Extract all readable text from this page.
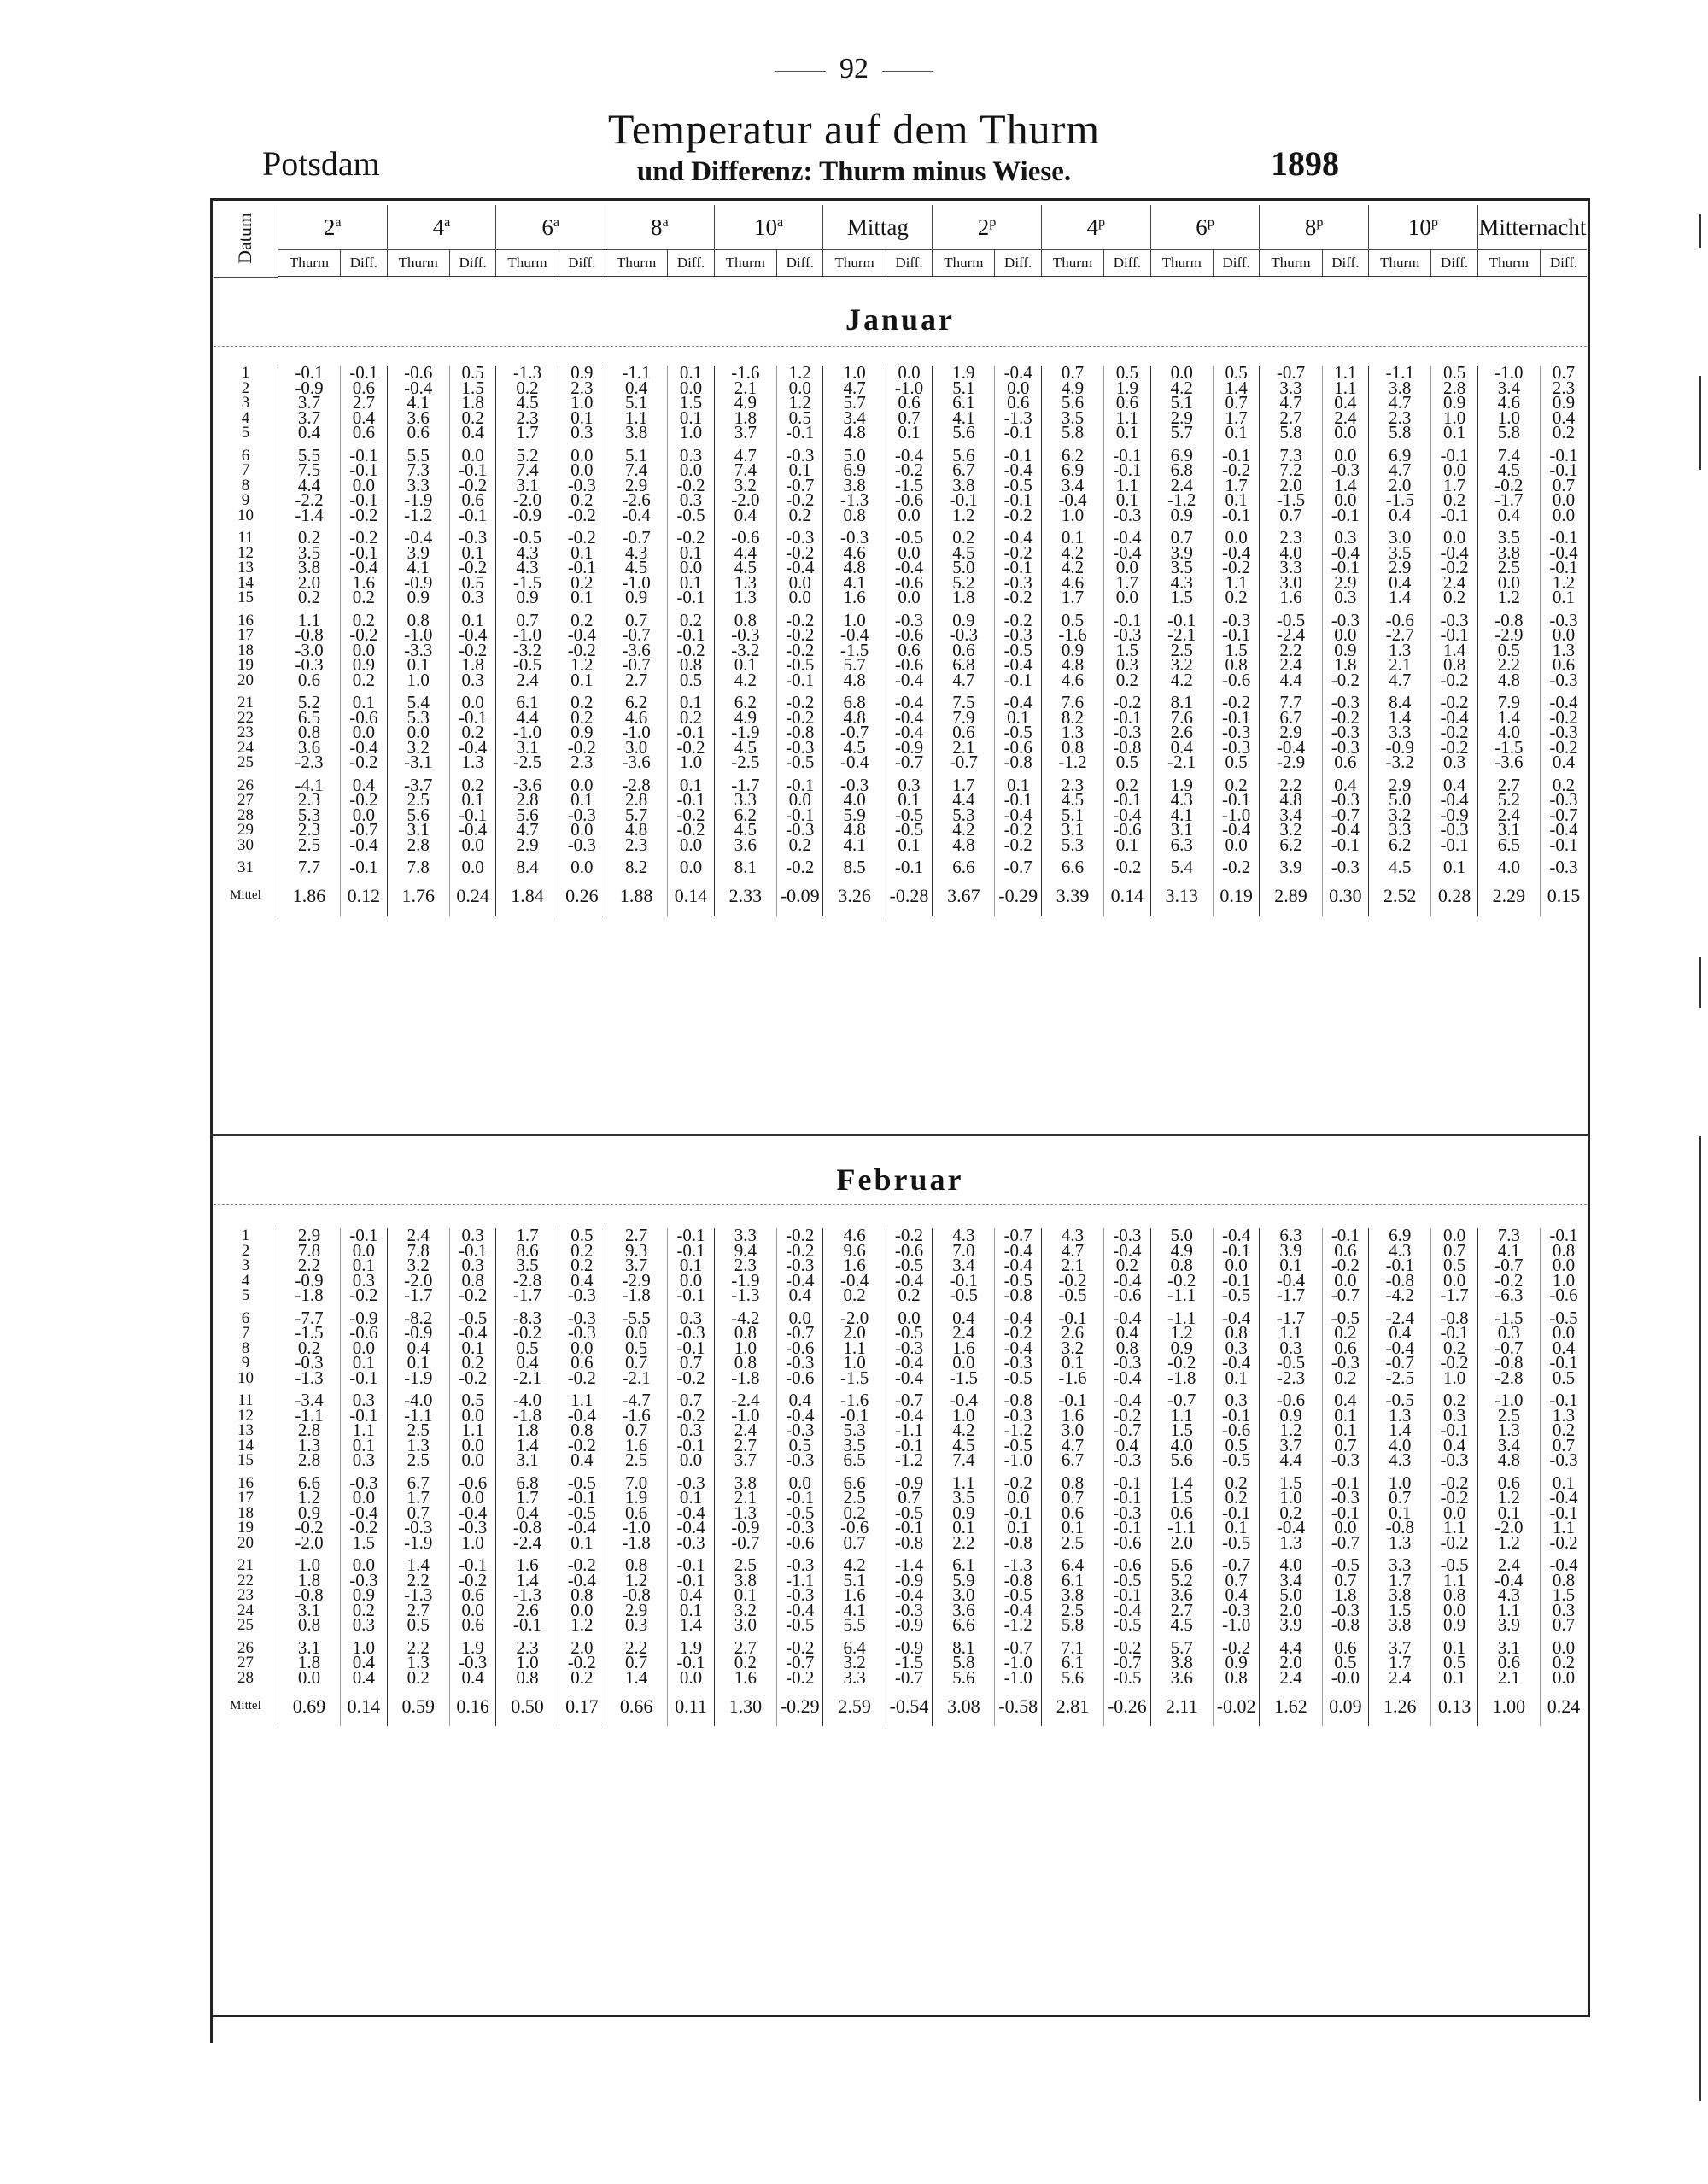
92
Temperatur auf dem Thurm
und Differenz: Thurm minus Wiese.
Potsdam	1898
Datum	2$^a$		4$^a$		6$^a$		8$^a$		10$^a$		Mittag		2$^p$		4$^p$		6$^p$		8$^p$		10$^p$		Mitternacht	
	Thurm	Diff.	Thurm	Diff.	Thurm	Diff.	Thurm	Diff.	Thurm	Diff.	Thurm	Diff.	Thurm	Diff.	Thurm	Diff.	Thurm	Diff.	Thurm	Diff.	Thurm	Diff.	Thurm	Diff.
Januar
1	-0.1	-0.1	-0.6	0.5	-1.3	0.9	-1.1	0.1	-1.6	1.2	1.0	0.0	1.9	-0.4	0.7	0.5	0.0	0.5	-0.7	1.1	-1.1	0.5	-1.0	0.7
2	-0.9	0.6	-0.4	1.5	0.2	2.3	0.4	0.0	2.1	0.0	4.7	-1.0	5.1	0.0	4.9	1.9	4.2	1.4	3.3	1.1	3.8	2.8	3.4	2.3
3	3.7	2.7	4.1	1.8	4.5	1.0	5.1	1.5	4.9	1.2	5.7	0.6	6.1	0.6	5.6	0.6	5.1	0.7	4.7	0.4	4.7	0.9	4.6	0.9
4	3.7	0.4	3.6	0.2	2.3	0.1	1.1	0.1	1.8	0.5	3.4	0.7	4.1	-1.3	3.5	1.1	2.9	1.7	2.7	2.4	2.3	1.0	1.0	0.4
5	0.4	0.6	0.6	0.4	1.7	0.3	3.8	1.0	3.7	-0.1	4.8	0.1	5.6	-0.1	5.8	0.1	5.7	0.1	5.8	0.0	5.8	0.1	5.8	0.2

6	5.5	-0.1	5.5	0.0	5.2	0.0	5.1	0.3	4.7	-0.3	5.0	-0.4	5.6	-0.1	6.2	-0.1	6.9	-0.1	7.3	0.0	6.9	-0.1	7.4	-0.1
7	7.5	-0.1	7.3	-0.1	7.4	0.0	7.4	0.0	7.4	0.1	6.9	-0.2	6.7	-0.4	6.9	-0.1	6.8	-0.2	7.2	-0.3	4.7	0.0	4.5	-0.1
8	4.4	0.0	3.3	-0.2	3.1	-0.3	2.9	-0.2	3.2	-0.7	3.8	-1.5	3.8	-0.5	3.4	1.1	2.4	1.7	2.0	1.4	2.0	1.7	-0.2	0.7
9	-2.2	-0.1	-1.9	0.6	-2.0	0.2	-2.6	0.3	-2.0	-0.2	-1.3	-0.6	-0.1	-0.1	-0.4	0.1	-1.2	0.1	-1.5	0.0	-1.5	0.2	-1.7	0.0
10	-1.4	-0.2	-1.2	-0.1	-0.9	-0.2	-0.4	-0.5	0.4	0.2	0.8	0.0	1.2	-0.2	1.0	-0.3	0.9	-0.1	0.7	-0.1	0.4	-0.1	0.4	0.0

11	0.2	-0.2	-0.4	-0.3	-0.5	-0.2	-0.7	-0.2	-0.6	-0.3	-0.3	-0.5	0.2	-0.4	0.1	-0.4	0.7	0.0	2.3	0.3	3.0	0.0	3.5	-0.1
12	3.5	-0.1	3.9	0.1	4.3	0.1	4.3	0.1	4.4	-0.2	4.6	0.0	4.5	-0.2	4.2	-0.4	3.9	-0.4	4.0	-0.4	3.5	-0.4	3.8	-0.4
13	3.8	-0.4	4.1	-0.2	4.3	-0.1	4.5	0.0	4.5	-0.4	4.8	-0.4	5.0	-0.1	4.2	0.0	3.5	-0.2	3.3	-0.1	2.9	-0.2	2.5	-0.1
14	2.0	1.6	-0.9	0.5	-1.5	0.2	-1.0	0.1	1.3	0.0	4.1	-0.6	5.2	-0.3	4.6	1.7	4.3	1.1	3.0	2.9	0.4	2.4	0.0	1.2
15	0.2	0.2	0.9	0.3	0.9	0.1	0.9	-0.1	1.3	0.0	1.6	0.0	1.8	-0.2	1.7	0.0	1.5	0.2	1.6	0.3	1.4	0.2	1.2	0.1

16	1.1	0.2	0.8	0.1	0.7	0.2	0.7	0.2	0.8	-0.2	1.0	-0.3	0.9	-0.2	0.5	-0.1	-0.1	-0.3	-0.5	-0.3	-0.6	-0.3	-0.8	-0.3
17	-0.8	-0.2	-1.0	-0.4	-1.0	-0.4	-0.7	-0.1	-0.3	-0.2	-0.4	-0.6	-0.3	-0.3	-1.6	-0.3	-2.1	-0.1	-2.4	0.0	-2.7	-0.1	-2.9	0.0
18	-3.0	0.0	-3.3	-0.2	-3.2	-0.2	-3.6	-0.2	-3.2	-0.2	-1.5	0.6	0.6	-0.5	0.9	1.5	2.5	1.5	2.2	0.9	1.3	1.4	0.5	1.3
19	-0.3	0.9	0.1	1.8	-0.5	1.2	-0.7	0.8	0.1	-0.5	5.7	-0.6	6.8	-0.4	4.8	0.3	3.2	0.8	2.4	1.8	2.1	0.8	2.2	0.6
20	0.6	0.2	1.0	0.3	2.4	0.1	2.7	0.5	4.2	-0.1	4.8	-0.4	4.7	-0.1	4.6	0.2	4.2	-0.6	4.4	-0.2	4.7	-0.2	4.8	-0.3

21	5.2	0.1	5.4	0.0	6.1	0.2	6.2	0.1	6.2	-0.2	6.8	-0.4	7.5	-0.4	7.6	-0.2	8.1	-0.2	7.7	-0.3	8.4	-0.2	7.9	-0.4
22	6.5	-0.6	5.3	-0.1	4.4	0.2	4.6	0.2	4.9	-0.2	4.8	-0.4	7.9	0.1	8.2	-0.1	7.6	-0.1	6.7	-0.2	1.4	-0.4	1.4	-0.2
23	0.8	0.0	0.0	0.2	-1.0	0.9	-1.0	-0.1	-1.9	-0.8	-0.7	-0.4	0.6	-0.5	1.3	-0.3	2.6	-0.3	2.9	-0.3	3.3	-0.2	4.0	-0.3
24	3.6	-0.4	3.2	-0.4	3.1	-0.2	3.0	-0.2	4.5	-0.3	4.5	-0.9	2.1	-0.6	0.8	-0.8	0.4	-0.3	-0.4	-0.3	-0.9	-0.2	-1.5	-0.2
25	-2.3	-0.2	-3.1	1.3	-2.5	2.3	-3.6	1.0	-2.5	-0.5	-0.4	-0.7	-0.7	-0.8	-1.2	0.5	-2.1	0.5	-2.9	0.6	-3.2	0.3	-3.6	0.4

26	-4.1	0.4	-3.7	0.2	-3.6	0.0	-2.8	0.1	-1.7	-0.1	-0.3	0.3	1.7	0.1	2.3	0.2	1.9	0.2	2.2	0.4	2.9	0.4	2.7	0.2
27	2.3	-0.2	2.5	0.1	2.8	0.1	2.8	-0.1	3.3	0.0	4.0	0.1	4.4	-0.1	4.5	-0.1	4.3	-0.1	4.8	-0.3	5.0	-0.4	5.2	-0.3
28	5.3	0.0	5.6	-0.1	5.6	-0.3	5.7	-0.2	6.2	-0.1	5.9	-0.5	5.3	-0.4	5.1	-0.4	4.1	-1.0	3.4	-0.7	3.2	-0.9	2.4	-0.7
29	2.3	-0.7	3.1	-0.4	4.7	0.0	4.8	-0.2	4.5	-0.3	4.8	-0.5	4.2	-0.2	3.1	-0.6	3.1	-0.4	3.2	-0.4	3.3	-0.3	3.1	-0.4
30	2.5	-0.4	2.8	0.0	2.9	-0.3	2.3	0.0	3.6	0.2	4.1	0.1	4.8	-0.2	5.3	0.1	6.3	0.0	6.2	-0.1	6.2	-0.1	6.5	-0.1

31	7.7	-0.1	7.8	0.0	8.4	0.0	8.2	0.0	8.1	-0.2	8.5	-0.1	6.6	-0.7	6.6	-0.2	5.4	-0.2	3.9	-0.3	4.5	0.1	4.0	-0.3
Mittel	1.86	0.12	1.76	0.24	1.84	0.26	1.88	0.14	2.33	-0.09	3.26	-0.28	3.67	-0.29	3.39	0.14	3.13	0.19	2.89	0.30	2.52	0.28	2.29	0.15
Februar
1	2.9	-0.1	2.4	0.3	1.7	0.5	2.7	-0.1	3.3	-0.2	4.6	-0.2	4.3	-0.7	4.3	-0.3	5.0	-0.4	6.3	-0.1	6.9	0.0	7.3	-0.1
2	7.8	0.0	7.8	-0.1	8.6	0.2	9.3	-0.1	9.4	-0.2	9.6	-0.6	7.0	-0.4	4.7	-0.4	4.9	-0.1	3.9	0.6	4.3	0.7	4.1	0.8
3	2.2	0.1	3.2	0.3	3.5	0.2	3.7	0.1	2.3	-0.3	1.6	-0.5	3.4	-0.4	2.1	0.2	0.8	0.0	0.1	-0.2	-0.1	0.5	-0.7	0.0
4	-0.9	0.3	-2.0	0.8	-2.8	0.4	-2.9	0.0	-1.9	-0.4	-0.4	-0.4	-0.1	-0.5	-0.2	-0.4	-0.2	-0.1	-0.4	0.0	-0.8	0.0	-0.2	1.0
5	-1.8	-0.2	-1.7	-0.2	-1.7	-0.3	-1.8	-0.1	-1.3	0.4	0.2	0.2	-0.5	-0.8	-0.5	-0.6	-1.1	-0.5	-1.7	-0.7	-4.2	-1.7	-6.3	-0.6

6	-7.7	-0.9	-8.2	-0.5	-8.3	-0.3	-5.5	0.3	-4.2	0.0	-2.0	0.0	0.4	-0.4	-0.1	-0.4	-1.1	-0.4	-1.7	-0.5	-2.4	-0.8	-1.5	-0.5
7	-1.5	-0.6	-0.9	-0.4	-0.2	-0.3	0.0	-0.3	0.8	-0.7	2.0	-0.5	2.4	-0.2	2.6	0.4	1.2	0.8	1.1	0.2	0.4	-0.1	0.3	0.0
8	0.2	0.0	0.4	0.1	0.5	0.0	0.5	-0.1	1.0	-0.6	1.1	-0.3	1.6	-0.4	3.2	0.8	0.9	0.3	0.3	0.6	-0.4	0.2	-0.7	0.4
9	-0.3	0.1	0.1	0.2	0.4	0.6	0.7	0.7	0.8	-0.3	1.0	-0.4	0.0	-0.3	0.1	-0.3	-0.2	-0.4	-0.5	-0.3	-0.7	-0.2	-0.8	-0.1
10	-1.3	-0.1	-1.9	-0.2	-2.1	-0.2	-2.1	-0.2	-1.8	-0.6	-1.5	-0.4	-1.5	-0.5	-1.6	-0.4	-1.8	0.1	-2.3	0.2	-2.5	1.0	-2.8	0.5

11	-3.4	0.3	-4.0	0.5	-4.0	1.1	-4.7	0.7	-2.4	0.4	-1.6	-0.7	-0.4	-0.8	-0.1	-0.4	-0.7	0.3	-0.6	0.4	-0.5	0.2	-1.0	-0.1
12	-1.1	-0.1	-1.1	0.0	-1.8	-0.4	-1.6	-0.2	-1.0	-0.4	-0.1	-0.4	1.0	-0.3	1.6	-0.2	1.1	-0.1	0.9	0.1	1.3	0.3	2.5	1.3
13	2.8	1.1	2.5	1.1	1.8	0.8	0.7	0.3	2.4	-0.3	5.3	-1.1	4.2	-1.2	3.0	-0.7	1.5	-0.6	1.2	0.1	1.4	-0.1	1.3	0.2
14	1.3	0.1	1.3	0.0	1.4	-0.2	1.6	-0.1	2.7	0.5	3.5	-0.1	4.5	-0.5	4.7	0.4	4.0	0.5	3.7	0.7	4.0	0.4	3.4	0.7
15	2.8	0.3	2.5	0.0	3.1	0.4	2.5	0.0	3.7	-0.3	6.5	-1.2	7.4	-1.0	6.7	-0.3	5.6	-0.5	4.4	-0.3	4.3	-0.3	4.8	-0.3

16	6.6	-0.3	6.7	-0.6	6.8	-0.5	7.0	-0.3	3.8	0.0	6.6	-0.9	1.1	-0.2	0.8	-0.1	1.4	0.2	1.5	-0.1	1.0	-0.2	0.6	0.1
17	1.2	0.0	1.7	0.0	1.7	-0.1	1.9	0.1	2.1	-0.1	2.5	0.7	3.5	0.0	0.7	-0.1	1.5	0.2	1.0	-0.3	0.7	-0.2	1.2	-0.4
18	0.9	-0.4	0.7	-0.4	0.4	-0.5	0.6	-0.4	1.3	-0.5	0.2	-0.5	0.9	-0.1	0.6	-0.3	0.6	-0.1	0.2	-0.1	0.1	0.0	0.1	-0.1
19	-0.2	-0.2	-0.3	-0.3	-0.8	-0.4	-1.0	-0.4	-0.9	-0.3	-0.6	-0.1	0.1	0.1	0.1	-0.1	-1.1	0.1	-0.4	0.0	-0.8	1.1	-2.0	1.1
20	-2.0	1.5	-1.9	1.0	-2.4	0.1	-1.8	-0.3	-0.7	-0.6	0.7	-0.8	2.2	-0.8	2.5	-0.6	2.0	-0.5	1.3	-0.7	1.3	-0.2	1.2	-0.2

21	1.0	0.0	1.4	-0.1	1.6	-0.2	0.8	-0.1	2.5	-0.3	4.2	-1.4	6.1	-1.3	6.4	-0.6	5.6	-0.7	4.0	-0.5	3.3	-0.5	2.4	-0.4
22	1.8	-0.3	2.2	-0.2	1.4	-0.4	1.2	-0.1	3.8	-1.1	5.1	-0.9	5.9	-0.8	6.1	-0.5	5.2	0.7	3.4	0.7	1.7	1.1	-0.4	0.8
23	-0.8	0.9	-1.3	0.6	-1.3	0.8	-0.8	0.4	0.1	-0.3	1.6	-0.4	3.0	-0.5	3.8	-0.1	3.6	0.4	5.0	1.8	3.8	0.8	4.3	1.5
24	3.1	0.2	2.7	0.0	2.6	0.0	2.9	0.1	3.2	-0.4	4.1	-0.3	3.6	-0.4	2.5	-0.4	2.7	-0.3	2.0	-0.3	1.5	0.0	1.1	0.3
25	0.8	0.3	0.5	0.6	-0.1	1.2	0.3	1.4	3.0	-0.5	5.5	-0.9	6.6	-1.2	5.8	-0.5	4.5	-1.0	3.9	-0.8	3.8	0.9	3.9	0.7

26	3.1	1.0	2.2	1.9	2.3	2.0	2.2	1.9	2.7	-0.2	6.4	-0.9	8.1	-0.7	7.1	-0.2	5.7	-0.2	4.4	0.6	3.7	0.1	3.1	0.0
27	1.8	0.4	1.3	-0.3	1.0	-0.2	0.7	-0.1	0.2	-0.7	3.2	-1.5	5.8	-1.0	6.1	-0.7	3.8	0.9	2.0	0.5	1.7	0.5	0.6	0.2
28	0.0	0.4	0.2	0.4	0.8	0.2	1.4	0.0	1.6	-0.2	3.3	-0.7	5.6	-1.0	5.6	-0.5	3.6	0.8	2.4	-0.0	2.4	0.1	2.1	0.0
Mittel	0.69	0.14	0.59	0.16	0.50	0.17	0.66	0.11	1.30	-0.29	2.59	-0.54	3.08	-0.58	2.81	-0.26	2.11	-0.02	1.62	0.09	1.26	0.13	1.00	0.24
